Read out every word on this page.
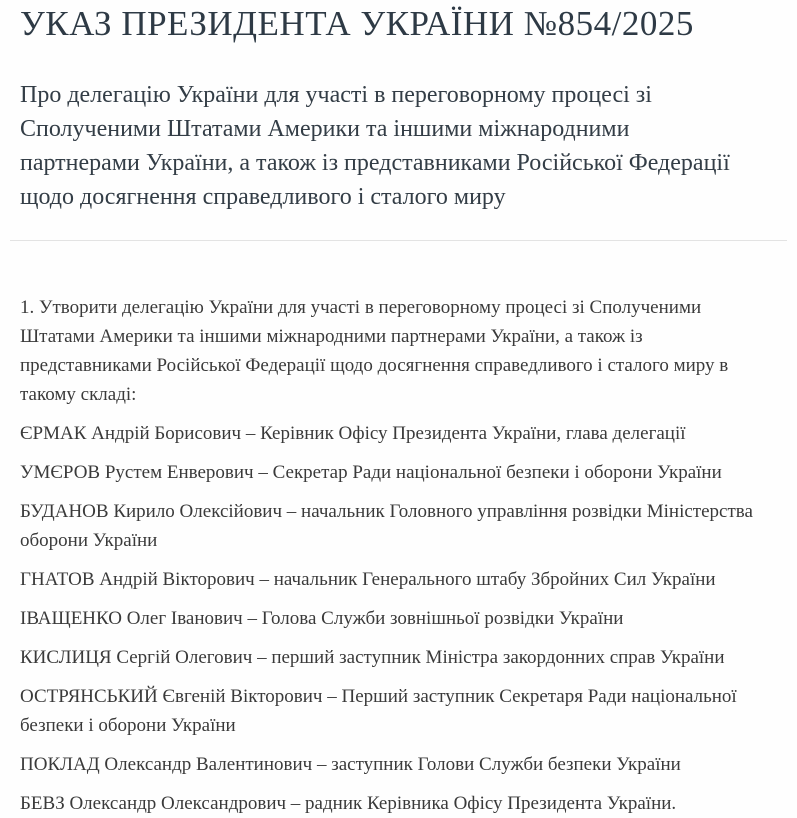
УКАЗ ПРЕЗИДЕНТА УКРАЇНИ №854/2025

Про делегацію України для участі в переговорному процесі зі Сполученими Штатами Америки та іншими міжнародними партнерами України, а також із представниками Російської Федерації щодо досягнення справедливого і сталого миру

1. Утворити делегацію України для участі в переговорному процесі зі Сполученими Штатами Америки та іншими міжнародними партнерами України, а також із представниками Російської Федерації щодо досягнення справедливого і сталого миру в такому складі:

ЄРМАК Андрій Борисович – Керівник Офісу Президента України, глава делегації

УМЄРОВ Рустем Енверович – Секретар Ради національної безпеки і оборони України

БУДАНОВ Кирило Олексійович – начальник Головного управління розвідки Міністерства оборони України

ГНАТОВ Андрій Вікторович – начальник Генерального штабу Збройних Сил України

ІВАЩЕНКО Олег Іванович – Голова Служби зовнішньої розвідки України

КИСЛИЦЯ Сергій Олегович – перший заступник Міністра закордонних справ України

ОСТРЯНСЬКИЙ Євгеній Вікторович – Перший заступник Секретаря Ради національної безпеки і оборони України

ПОКЛАД Олександр Валентинович – заступник Голови Служби безпеки України

БЕВЗ Олександр Олександрович – радник Керівника Офісу Президента України.
